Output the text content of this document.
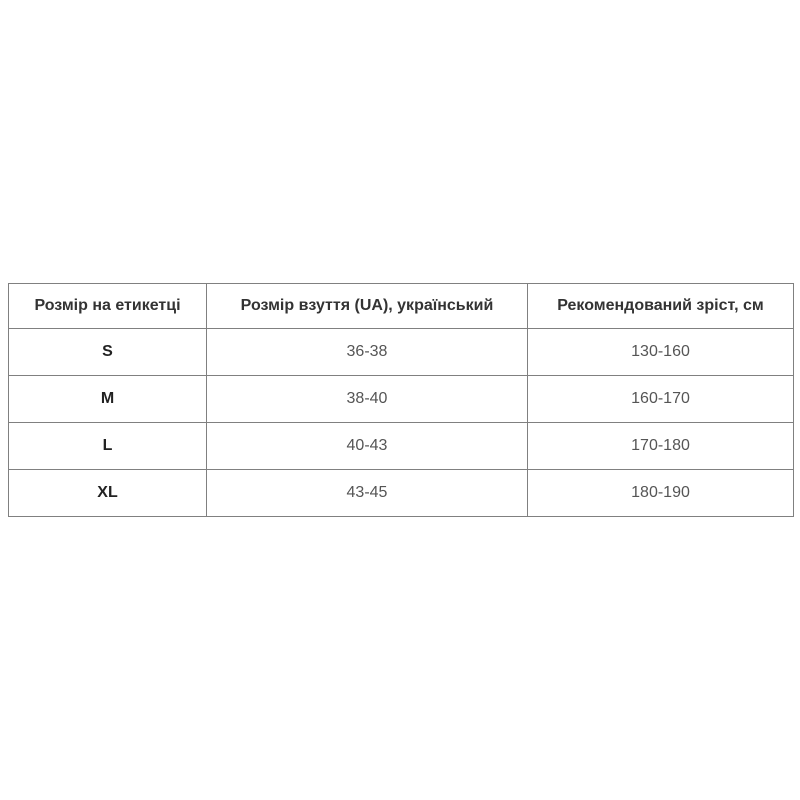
Розмір на етикетці	Розмір взуття (UA), український	Рекомендований зріст, см
S	36-38	130-160
M	38-40	160-170
L	40-43	170-180
XL	43-45	180-190
